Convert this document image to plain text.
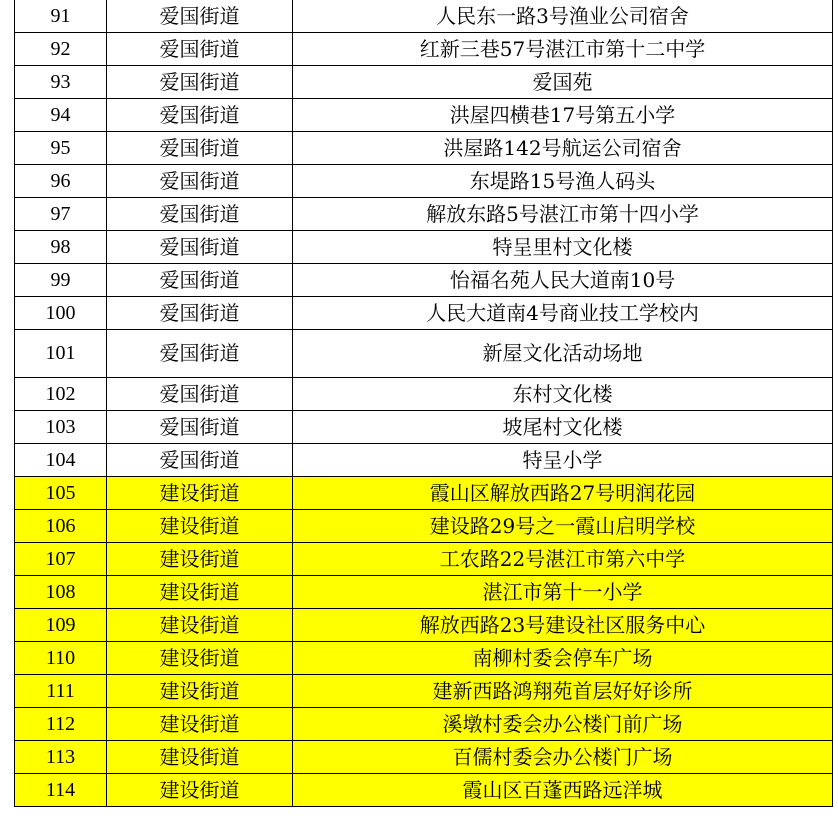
91	爱国街道	人民东一路3号渔业公司宿舍
92	爱国街道	红新三巷57号湛江市第十二中学
93	爱国街道	爱国苑
94	爱国街道	洪屋四横巷17号第五小学
95	爱国街道	洪屋路142号航运公司宿舍
96	爱国街道	东堤路15号渔人码头
97	爱国街道	解放东路5号湛江市第十四小学
98	爱国街道	特呈里村文化楼
99	爱国街道	怡福名苑人民大道南10号
100	爱国街道	人民大道南4号商业技工学校内
101	爱国街道	新屋文化活动场地
102	爱国街道	东村文化楼
103	爱国街道	坡尾村文化楼
104	爱国街道	特呈小学
105	建设街道	霞山区解放西路27号明润花园
106	建设街道	建设路29号之一霞山启明学校
107	建设街道	工农路22号湛江市第六中学
108	建设街道	湛江市第十一小学
109	建设街道	解放西路23号建设社区服务中心
110	建设街道	南柳村委会停车广场
111	建设街道	建新西路鸿翔苑首层好好诊所
112	建设街道	溪墩村委会办公楼门前广场
113	建设街道	百儒村委会办公楼门广场
114	建设街道	霞山区百蓬西路远洋城
